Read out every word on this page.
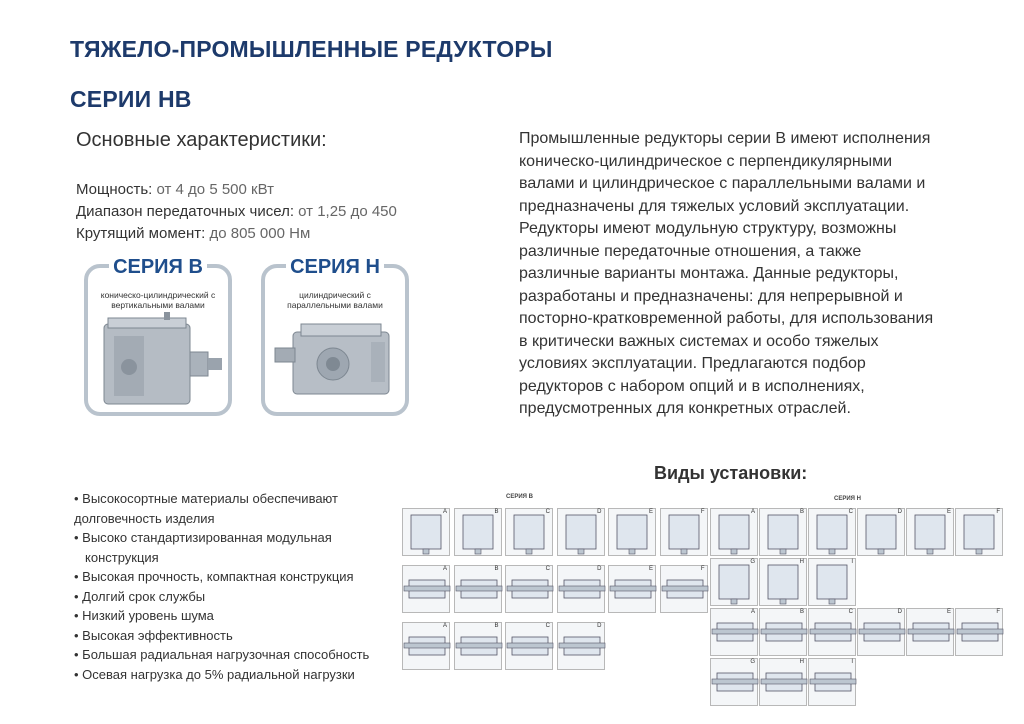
ТЯЖЕЛО-ПРОМЫШЛЕННЫЕ РЕДУКТОРЫ
СЕРИИ HB
Основные характеристики:
Мощность: от 4 до 5 500 кВт
Диапазон передаточных чисел: от 1,25 до 450
Крутящий момент: до 805 000 Нм
Промышленные редукторы серии В имеют исполнения коническо-цилиндрическое с перпендикулярными валами и цилиндрическое с параллельными валами и предназначены для тяжелых условий эксплуатации. Редукторы имеют модульную структуру, возможны различные передаточные отношения, а также различные варианты монтажа. Данные редукторы, разработаны и предназначены: для непрерывной и посторно-кратковременной работы, для использования в критически важных системах и особо тяжелых условиях эксплуатации. Предлагаются подбор редукторов с набором опций и в исполнениях, предусмотренных для конкретных отраслей.
СЕРИЯ В
коническо-цилиндрический с вертикальными валами
СЕРИЯ Н
цилиндрический с параллельными валами
Виды установки:
• Высокосортные материалы обеспечивают
долговечность изделия
• Высоко стандартизированная модульная конструкция
• Высокая прочность, компактная конструкция
• Долгий срок службы
• Низкий уровень шума
• Высокая эффективность
• Большая радиальная нагрузочная способность
• Осевая нагрузка до 5% радиальной нагрузки
СЕРИЯ В	СЕРИЯ Н
A	B	C	D	E	F
A	B	C	D	E	F
A	B	C	D
A	B	C	D	E	F
G	H	I
A	B	C	D	E	F
G	H	I
